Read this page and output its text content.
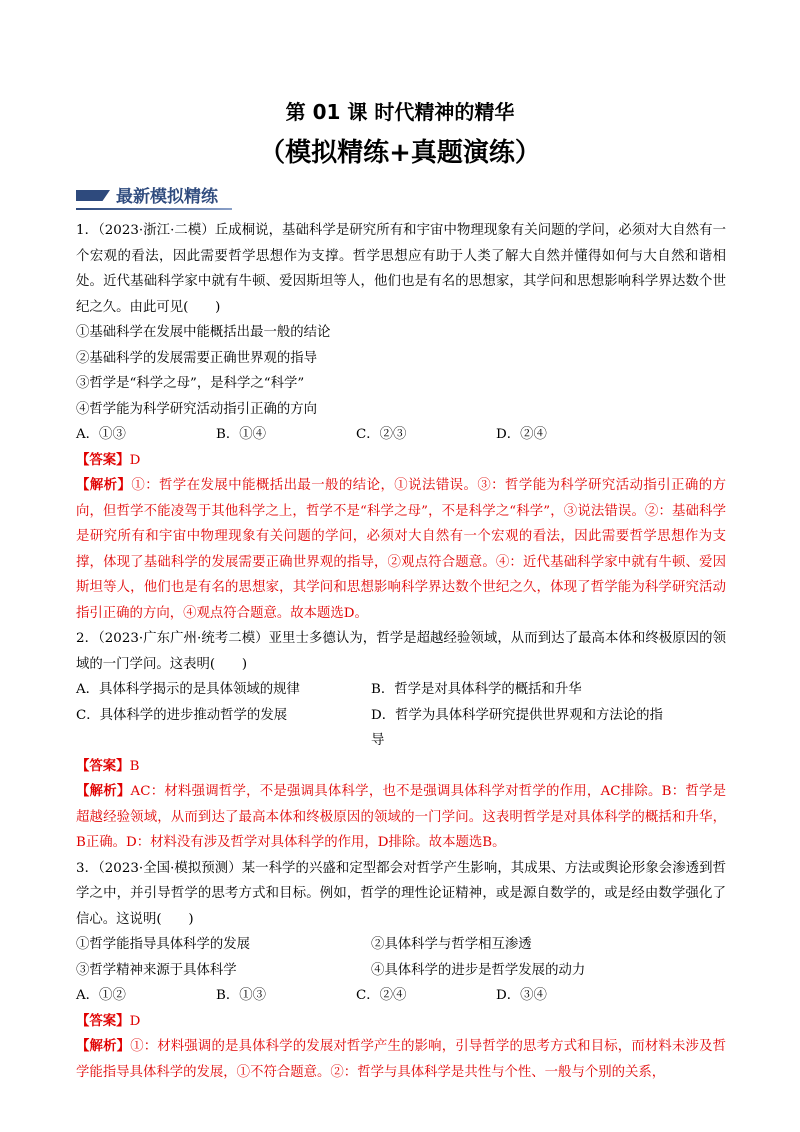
第 01 课 时代精神的精华
（模拟精练+真题演练）
最新模拟精练

1．（2023·浙江·二模）丘成桐说，基础科学是研究所有和宇宙中物理现象有关问题的学问，必须对大自然有一个宏观的看法，因此需要哲学思想作为支撑。哲学思想应有助于人类了解大自然并懂得如何与大自然和谐相处。近代基础科学家中就有牛顿、爱因斯坦等人，他们也是有名的思想家，其学问和思想影响科学界达数个世纪之久。由此可见(　　)

①基础科学在发展中能概括出最一般的结论
②基础科学的发展需要正确世界观的指导
③哲学是“科学之母”，是科学之“科学”
④哲学能为科学研究活动指引正确的方向
A．①③	B．①④	C．②③	D．②④
【答案】D

【解析】①：哲学在发展中能概括出最一般的结论，①说法错误。③：哲学能为科学研究活动指引正确的方向，但哲学不能凌驾于其他科学之上，哲学不是“科学之母”，不是科学之“科学”，③说法错误。②：基础科学是研究所有和宇宙中物理现象有关问题的学问，必须对大自然有一个宏观的看法，因此需要哲学思想作为支撑，体现了基础科学的发展需要正确世界观的指导，②观点符合题意。④：近代基础科学家中就有牛顿、爱因斯坦等人，他们也是有名的思想家，其学问和思想影响科学界达数个世纪之久，体现了哲学能为科学研究活动指引正确的方向，④观点符合题意。故本题选D。

2．（2023·广东广州·统考二模）亚里士多德认为，哲学是超越经验领域，从而到达了最高本体和终极原因的领域的一门学问。这表明(　　)

A．具体科学揭示的是具体领域的规律	B．哲学是对具体科学的概括和升华
C．具体科学的进步推动哲学的发展	D．哲学为具体科学研究提供世界观和方法论的指导
【答案】B

【解析】AC：材料强调哲学，不是强调具体科学，也不是强调具体科学对哲学的作用，AC排除。B：哲学是超越经验领域，从而到达了最高本体和终极原因的领域的一门学问。这表明哲学是对具体科学的概括和升华，B正确。D：材料没有涉及哲学对具体科学的作用，D排除。故本题选B。

3．（2023·全国·模拟预测）某一科学的兴盛和定型都会对哲学产生影响，其成果、方法或舆论形象会渗透到哲学之中，并引导哲学的思考方式和目标。例如，哲学的理性论证精神，或是源自数学的，或是经由数学强化了信心。这说明(　　)

①哲学能指导具体科学的发展	②具体科学与哲学相互渗透
③哲学精神来源于具体科学	④具体科学的进步是哲学发展的动力
A．①②	B．①③	C．②④	D．③④
【答案】D

【解析】①：材料强调的是具体科学的发展对哲学产生的影响，引导哲学的思考方式和目标，而材料未涉及哲学能指导具体科学的发展，①不符合题意。②：哲学与具体科学是共性与个性、一般与个别的关系，
